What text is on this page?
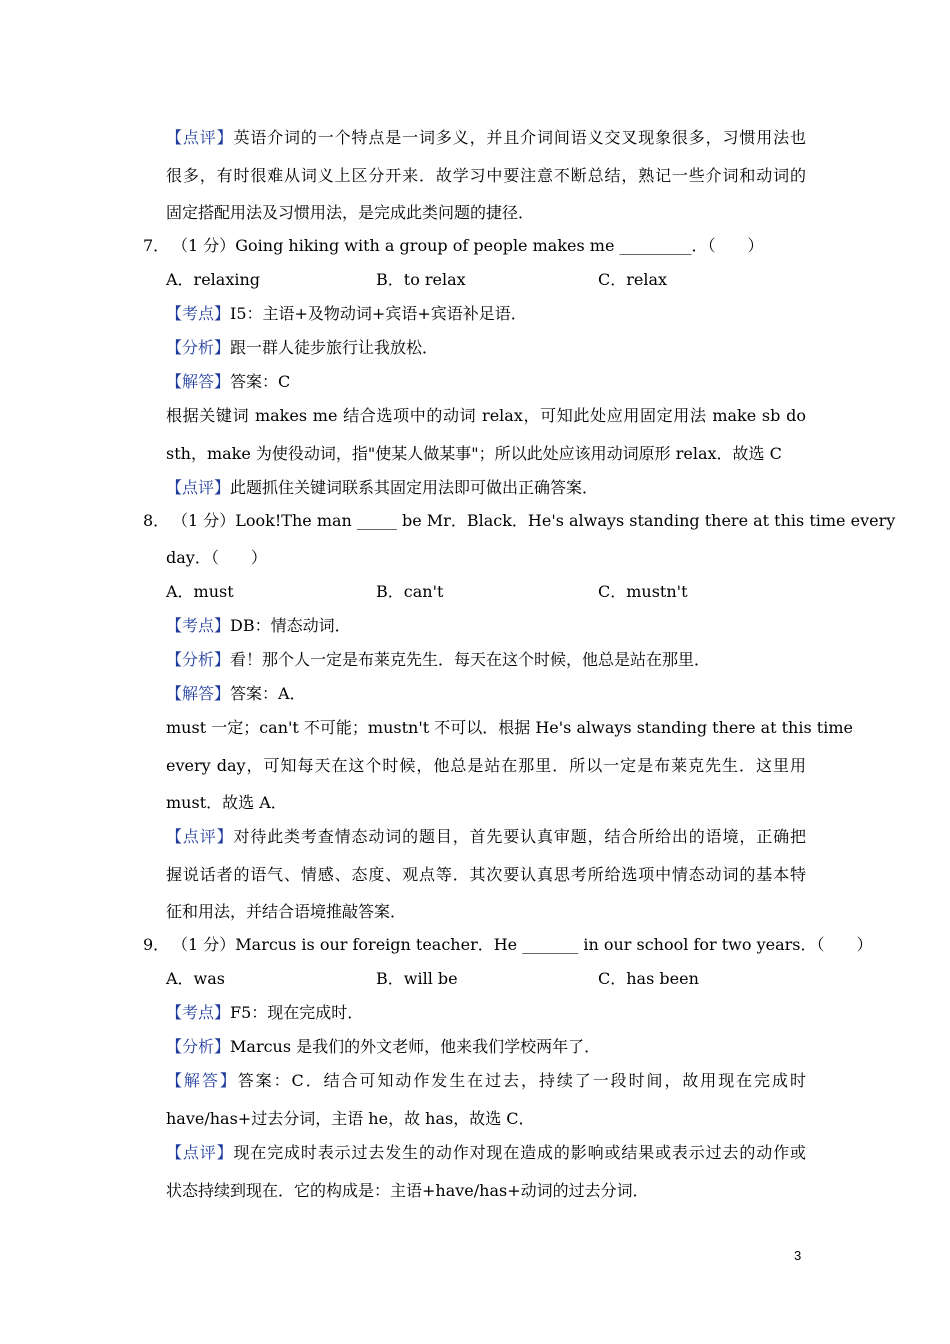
【点评】英语介词的一个特点是一词多义，并且介词间语义交叉现象很多，习惯用法也
很多，有时很难从词义上区分开来．故学习中要注意不断总结，熟记一些介词和动词的
固定搭配用法及习惯用法，是完成此类问题的捷径．
7． （1 分）Going hiking with a group of people makes me _________．（　　）
A．relaxing	B．to relax	C．relax
【考点】I5：主语+及物动词+宾语+宾语补足语．
【分析】跟一群人徒步旅行让我放松．
【解答】答案：C
根据关键词 makes me 结合选项中的动词 relax，可知此处应用固定用法 make sb do
sth，make 为使役动词，指"使某人做某事"；所以此处应该用动词原形 relax．故选 C
【点评】此题抓住关键词联系其固定用法即可做出正确答案．
8． （1 分）Look!The man _____ be Mr．Black．He's always standing there at this time every
day．（　　）
A．must	B．can't	C．mustn't
【考点】DB：情态动词．
【分析】看！那个人一定是布莱克先生．每天在这个时候，他总是站在那里．
【解答】答案：A．
must 一定；can't 不可能；mustn't 不可以．根据 He's always standing there at this time
every day，可知每天在这个时候，他总是站在那里．所以一定是布莱克先生．这里用
must．故选 A．
【点评】对待此类考查情态动词的题目，首先要认真审题，结合所给出的语境，正确把
握说话者的语气、情感、态度、观点等．其次要认真思考所给选项中情态动词的基本特
征和用法，并结合语境推敲答案．
9． （1 分）Marcus is our foreign teacher．He _______ in our school for two years．（　　）
A．was	B．will be	C．has been
【考点】F5：现在完成时．
【分析】Marcus 是我们的外文老师，他来我们学校两年了．
【解答】答案：C．结合可知动作发生在过去，持续了一段时间，故用现在完成时
have/has+过去分词，主语 he，故 has，故选 C．
【点评】现在完成时表示过去发生的动作对现在造成的影响或结果或表示过去的动作或
状态持续到现在．它的构成是：主语+have/has+动词的过去分词．
3
